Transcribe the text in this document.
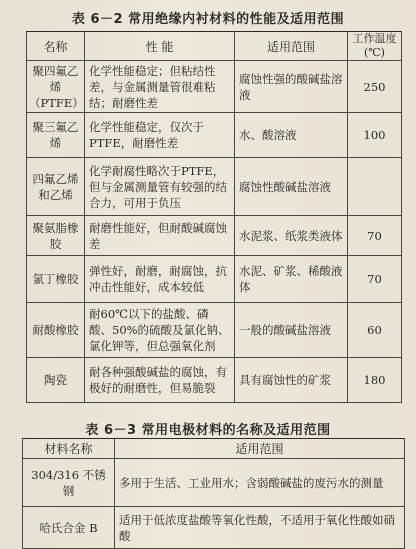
表 6－2 常用绝缘内衬材料的性能及适用范围
名称	性 能	适用范围	工作温度(℃)
聚四氟乙烯（PTFE）	化学性能稳定；但粘结性差，与金属测量管很难粘结；耐磨性差	腐蚀性强的酸碱盐溶液	250
聚三氟乙烯	化学性能稳定，仅次于PTFE，耐磨性差	水、酸溶液	100
四氟乙烯和乙烯	化学耐腐性略次于PTFE，但与金属测量管有较强的结合力，可用于负压	腐蚀性酸碱盐溶液	
聚氨脂橡胶	耐磨性能好，但耐酸碱腐蚀差	水泥浆、纸浆类液体	70
氯丁橡胶	弹性好，耐磨，耐腐蚀，抗冲击性能好，成本较低	水泥、矿浆、稀酸液体	70
耐酸橡胶	耐60℃以下的盐酸、磷酸、50%的硫酸及氯化钠、氯化钾等，但总强氧化剂	一般的酸碱盐溶液	60
陶瓷	耐各种强酸碱盐的腐蚀，有极好的耐磨性，但易脆裂	具有腐蚀性的矿浆	180
表 6－3 常用电极材料的名称及适用范围
材料名称	适用范围
304/316 不锈钢	多用于生活、工业用水；含弱酸碱盐的废污水的测量
哈氏合金 B	适用于低浓度盐酸等氧化性酸，不适用于氧化性酸如硝酸
